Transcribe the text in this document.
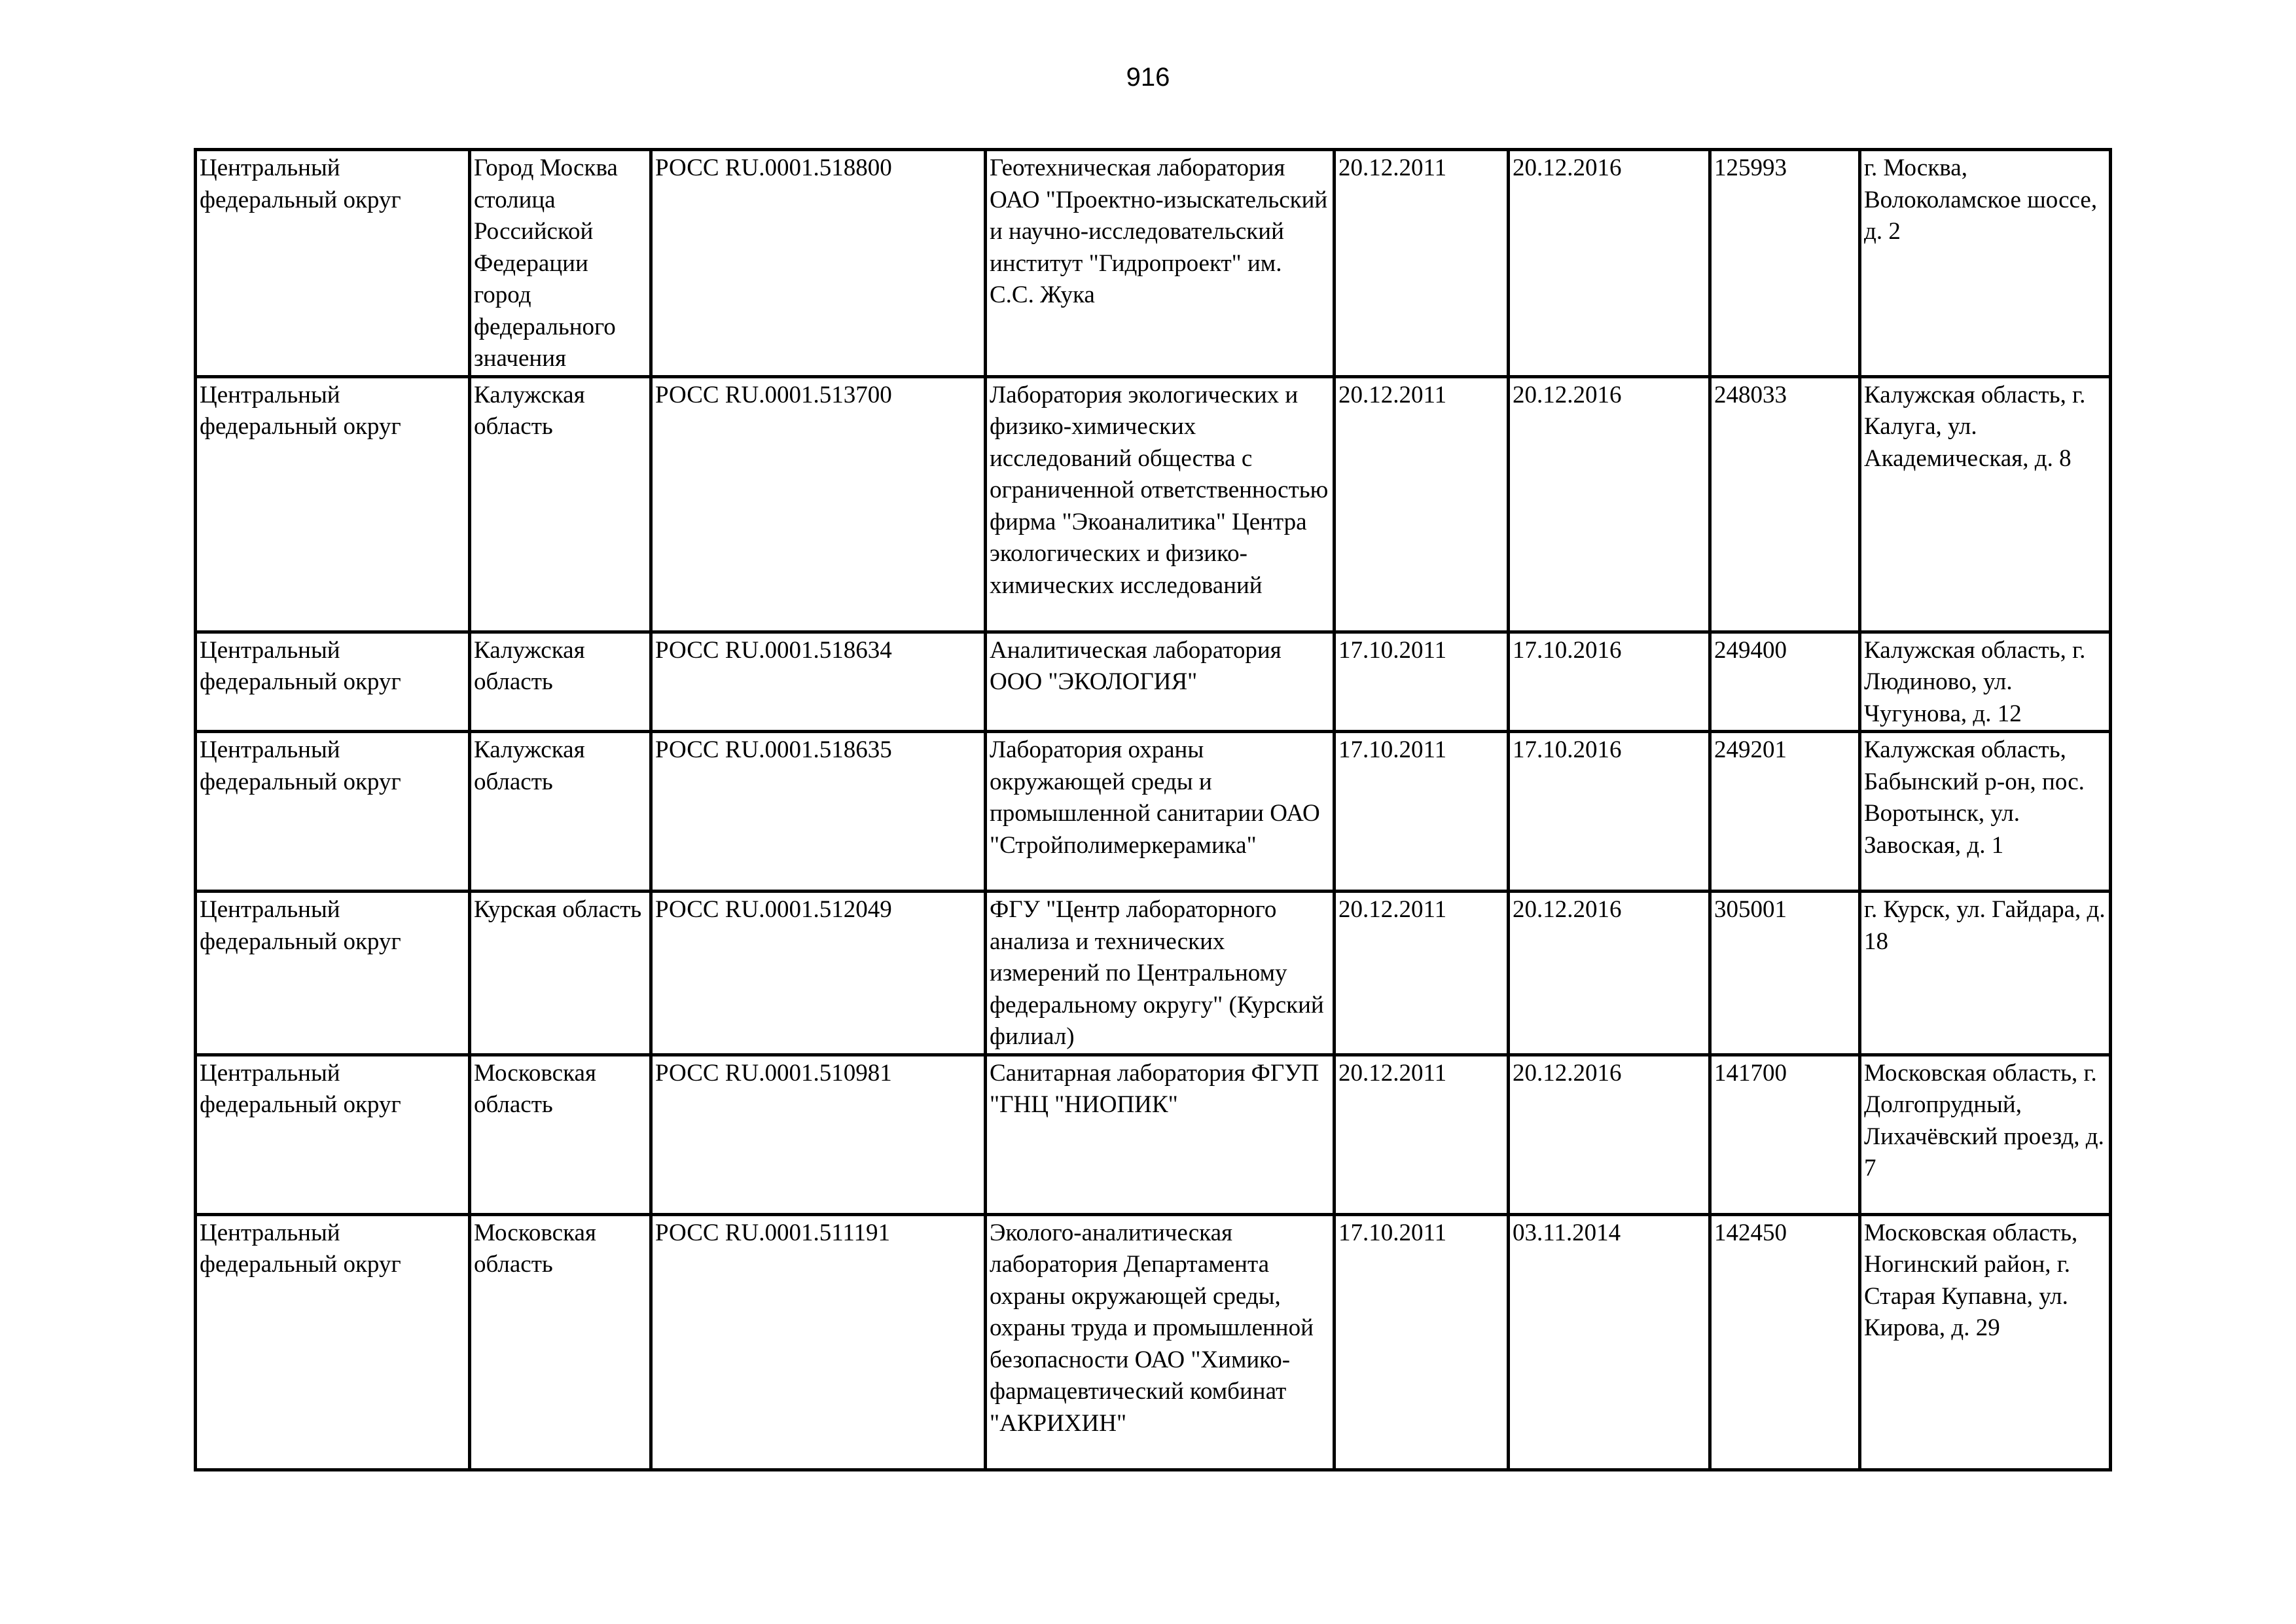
916
Центральный федеральный округ	Город Москва столица Российской Федерации город федерального значения	РОСС RU.0001.518800	Геотехническая лаборатория ОАО "Проектно-изыскательский и научно-исследовательский институт "Гидропроект" им. С.С. Жука	20.12.2011	20.12.2016	125993	г. Москва, Волоколамское шоссе, д. 2
Центральный федеральный округ	Калужская область	РОСС RU.0001.513700	Лаборатория экологических и физико-химических исследований общества с ограниченной ответственностью фирма "Экоаналитика" Центра экологических и физико-химических исследований	20.12.2011	20.12.2016	248033	Калужская область, г. Калуга, ул. Академическая, д. 8
Центральный федеральный округ	Калужская область	РОСС RU.0001.518634	Аналитическая лаборатория ООО "ЭКОЛОГИЯ"	17.10.2011	17.10.2016	249400	Калужская область, г. Людиново, ул. Чугунова, д. 12
Центральный федеральный округ	Калужская область	РОСС RU.0001.518635	Лаборатория охраны окружающей среды и промышленной санитарии ОАО "Стройполимеркерамика"	17.10.2011	17.10.2016	249201	Калужская область, Бабынский р-он, пос. Воротынск, ул. Завоская, д. 1
Центральный федеральный округ	Курская область	РОСС RU.0001.512049	ФГУ "Центр лабораторного анализа и технических измерений по Центральному федеральному округу" (Курский филиал)	20.12.2011	20.12.2016	305001	г. Курск, ул. Гайдара, д. 18
Центральный федеральный округ	Московская область	РОСС RU.0001.510981	Санитарная лаборатория ФГУП "ГНЦ "НИОПИК"	20.12.2011	20.12.2016	141700	Московская область, г. Долгопрудный, Лихачёвский проезд, д. 7
Центральный федеральный округ	Московская область	РОСС RU.0001.511191	Эколого-аналитическая лаборатория Департамента охраны окружающей среды, охраны труда и промышленной безопасности ОАО "Химико-фармацевтический комбинат "АКРИХИН"	17.10.2011	03.11.2014	142450	Московская область, Ногинский район, г. Старая Купавна, ул. Кирова, д. 29
